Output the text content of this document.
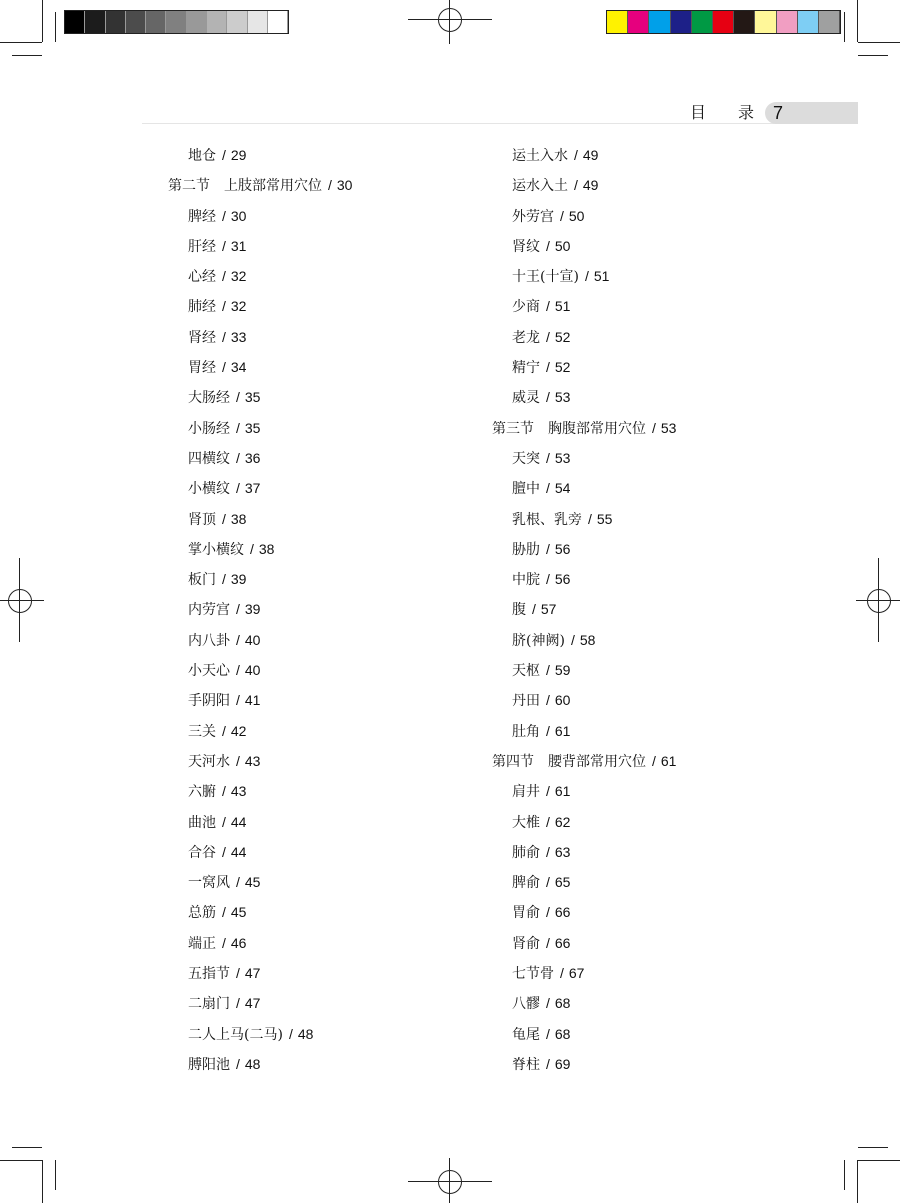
目 录 7
地仓 / 29
第二节　上肢部常用穴位 / 30
脾经 / 30
肝经 / 31
心经 / 32
肺经 / 32
肾经 / 33
胃经 / 34
大肠经 / 35
小肠经 / 35
四横纹 / 36
小横纹 / 37
肾顶 / 38
掌小横纹 / 38
板门 / 39
内劳宫 / 39
内八卦 / 40
小天心 / 40
手阴阳 / 41
三关 / 42
天河水 / 43
六腑 / 43
曲池 / 44
合谷 / 44
一窝风 / 45
总筋 / 45
端正 / 46
五指节 / 47
二扇门 / 47
二人上马(二马) / 48
膊阳池 / 48
运土入水 / 49
运水入土 / 49
外劳宫 / 50
肾纹 / 50
十王(十宣) / 51
少商 / 51
老龙 / 52
精宁 / 52
威灵 / 53
第三节　胸腹部常用穴位 / 53
天突 / 53
膻中 / 54
乳根、乳旁 / 55
胁肋 / 56
中脘 / 56
腹 / 57
脐(神阙) / 58
天枢 / 59
丹田 / 60
肚角 / 61
第四节　腰背部常用穴位 / 61
肩井 / 61
大椎 / 62
肺俞 / 63
脾俞 / 65
胃俞 / 66
肾俞 / 66
七节骨 / 67
八髎 / 68
龟尾 / 68
脊柱 / 69
